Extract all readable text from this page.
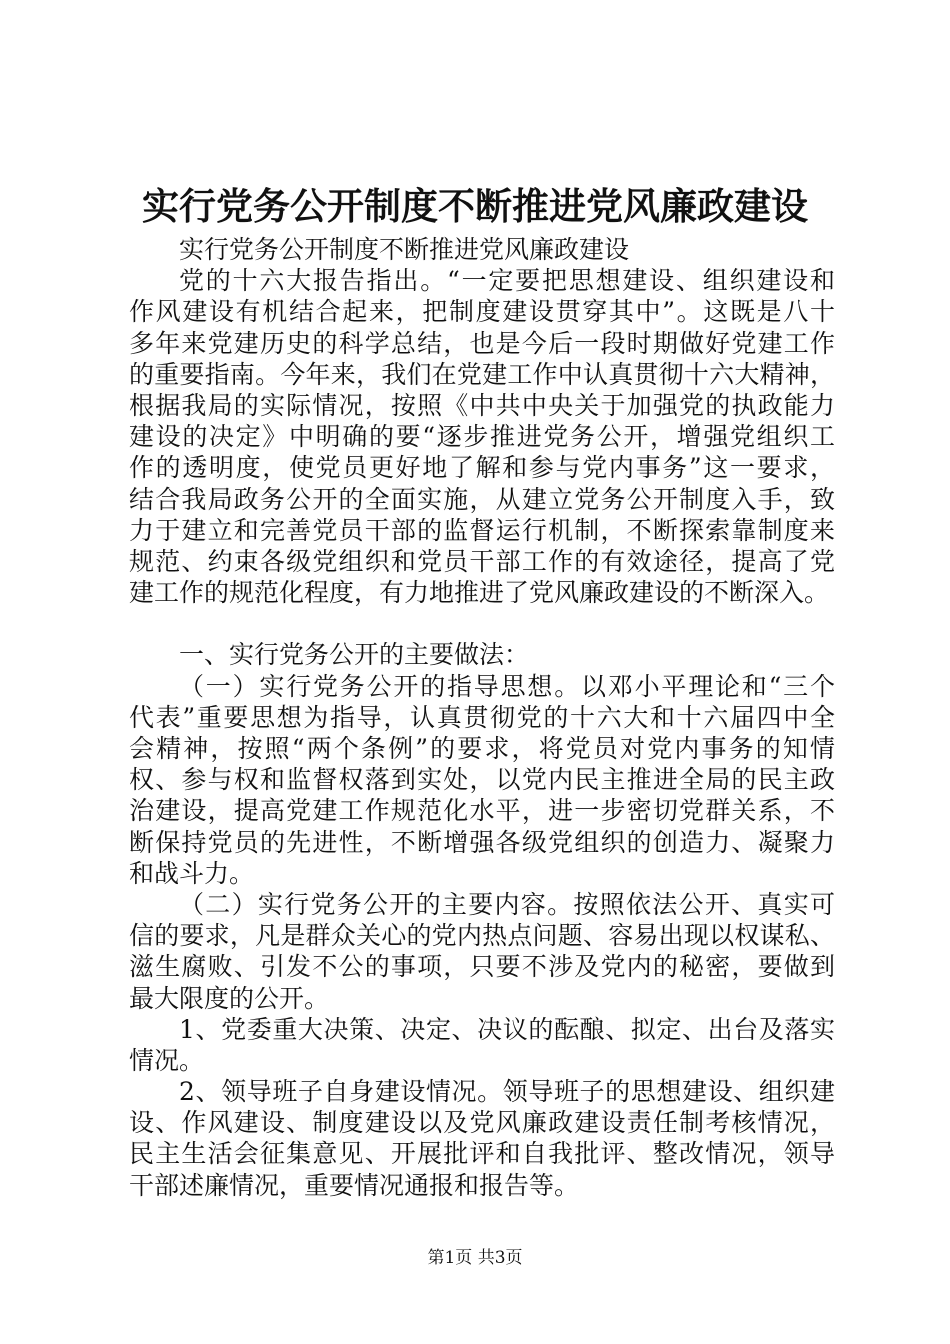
实行党务公开制度不断推进党风廉政建设
实行党务公开制度不断推进党风廉政建设
党的十六大报告指出。“一定要把思想建设、组织建设和
作风建设有机结合起来，把制度建设贯穿其中”。这既是八十
多年来党建历史的科学总结，也是今后一段时期做好党建工作
的重要指南。今年来，我们在党建工作中认真贯彻十六大精神，
根据我局的实际情况，按照《中共中央关于加强党的执政能力
建设的决定》中明确的要“逐步推进党务公开，增强党组织工
作的透明度，使党员更好地了解和参与党内事务”这一要求，
结合我局政务公开的全面实施，从建立党务公开制度入手，致
力于建立和完善党员干部的监督运行机制，不断探索靠制度来
规范、约束各级党组织和党员干部工作的有效途径，提高了党
建工作的规范化程度，有力地推进了党风廉政建设的不断深入。
一、实行党务公开的主要做法：
（一）实行党务公开的指导思想。以邓小平理论和“三个
代表”重要思想为指导，认真贯彻党的十六大和十六届四中全
会精神，按照“两个条例”的要求，将党员对党内事务的知情
权、参与权和监督权落到实处，以党内民主推进全局的民主政
治建设，提高党建工作规范化水平，进一步密切党群关系，不
断保持党员的先进性，不断增强各级党组织的创造力、凝聚力
和战斗力。
（二）实行党务公开的主要内容。按照依法公开、真实可
信的要求，凡是群众关心的党内热点问题、容易出现以权谋私、
滋生腐败、引发不公的事项，只要不涉及党内的秘密，要做到
最大限度的公开。
1、党委重大决策、决定、决议的酝酿、拟定、出台及落实
情况。
2、领导班子自身建设情况。领导班子的思想建设、组织建
设、作风建设、制度建设以及党风廉政建设责任制考核情况，
民主生活会征集意见、开展批评和自我批评、整改情况，领导
干部述廉情况，重要情况通报和报告等。
第1页 共3页
